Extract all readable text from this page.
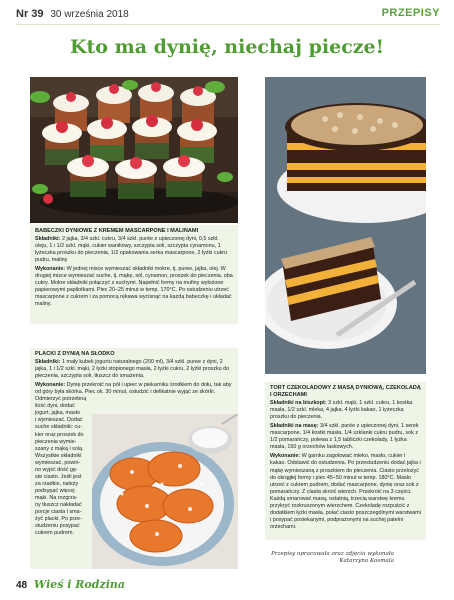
Nr 39 30 września 2018	PRZEPISY
Kto ma dynię, niechaj piecze!
BABECZKI DYNIOWE Z KREMEM MASCARPONE I MALINAMI

Składniki: 2 jajka, 3/4 szkl. cukru, 3/4 szkl. purée z upieczonej dyni, 0,5 szkl. oleju, 1 i 1/2 szkl. mąki, cukier waniliowy, szczypta soli, szczypta cynamonu, 1 łyżeczka proszku do pieczenia, 1/2 opakowania serka mascarpone, 2 łyżki cukru pudru, maliny

Wykonanie: W jednej misce wymieszać składniki mokre, tj. puree, jajka, olej. W drugiej misce wymieszać suche, tj. mąkę, sól, cynamon, proszek do pieczenia, oba cukry. Mokre składniki połączyć z suchymi. Napełnić formy na mufiny wyłożone papierowymi papilotkami. Piec 20–25 minut w temp. 170°C. Po ostudzeniu utrzeć mascarpone z cukrem i za pomocą rękawa wycisnąć na każdą babeczkę i układać maliny.

PLACKI Z DYNIĄ NA SŁODKO

Składniki: 1 mały kubek jogurtu naturalnego (200 ml), 3/4 szkl. puree z dyni, 2 jajka, 1 i 1/2 szkl. mąki, 2 łyżki stopionego masła, 2 łyżki cukru, 2 łyżki proszku do pieczenia, szczypta soli, tłuszcz do smażenia.

Wykonanie: Dynię przekroić na pół i upiec w piekarniku środkiem do dołu, tak aby od góry była skórka. Piec ok. 30 minut, ostudzić i delikatnie wyjąć ze skórki.

Odmierzyć potrzebną ilość dyni, dodać
jogurt, jajka, masło
i wymieszać. Dodać
suche składniki: cu-
kier oraz proszek do
pieczenia wymie-
szany z mąką i solą.
Wszystkie składniki
wymieszać, powin-
no wyjść dość gę-
ste ciasto. Jeśli jest
za rzadkie, należy
podsypać więcej
mąki. Na rozgrza-
ny tłuszcz nakładać
porcje ciasta i sma-
żyć placki. Po prze-
studzeniu posypać
cukrem pudrem.
TORT CZEKOLADOWY Z MASĄ DYNIOWĄ, CZEKOLADĄ I ORZECHAMI

Składniki na biszkopt: 3 szkl. mąki, 1 szkl. cukru, 1 kostka masła, 1/2 szkl. mleka, 4 jajka, 4 łyżki kakao, 1 łyżeczka proszku do pieczenia.

Składniki na masę: 3/4 szkl. purée z upieczonej dyni, 1 serek mascarpone, 1/4 kostki masła, 1/4 szklanki cukru pudru, sok z 1/2 pomarańczy, polewa z 1,5 tabliczki czekolady, 1 łyżka masła, 150 g orzechów laskowych.

Wykonanie: W garnku zagotować mleko, masło, cukier i kakao. Odstawić do ostudzenia. Po przestudzeniu dodać jajka i mąkę wymieszaną z proszkiem do pieczenia. Ciasto przelożyć do okrągłej formy i piec 45–50 minut w temp. 180°C. Masło utrzeć z cukrem pudrem, dodać mascarpone, dynię oraz sok z pomarańczy. Z ciasta skroić wierzch. Przekroić na 3 części. Każdą smarować masą, ostatnią, trzecią warstwę kremu przykryć rozkruszonym wierzchem. Czekoladę rozpuścić z dodatkiem łyżki masła, polać ciasto poszczególnymi warstwami i posypać posiekanymi, podprażonymi na suchej patelni orzechami.

Przepisy opracowała oraz zdjęcia wykonała
Katarzyna Kosmala
48 Wieś i Rodzina
